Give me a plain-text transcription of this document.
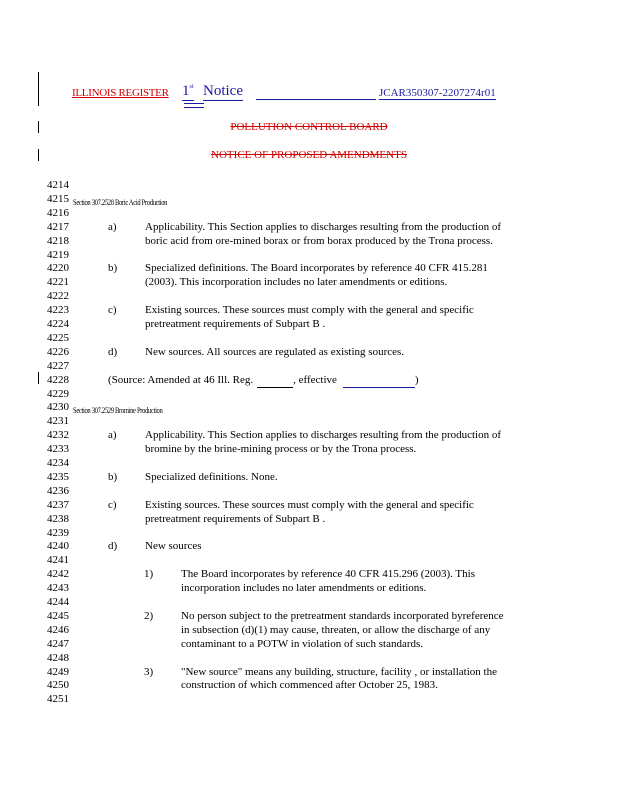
ILLINOIS REGISTER 1st Notice	JCAR350307-2207274r01
POLLUTION CONTROL BOARD
NOTICE OF PROPOSED AMENDMENTS
4214
4215 Section 307.2528 Boric Acid Production
4216
4217	a)	Applicability. This Section applies to discharges resulting from the production of
4218	boric acid from ore-mined borax or from borax produced by the Trona process.
4219
4220	b)	Specialized definitions. The Board incorporates by reference 40 CFR 415.281
4221	(2003). This incorporation includes no later amendments or editions.
4222
4223	c)	Existing sources. These sources must comply with the general and specific
4224	pretreatment requirements of Subpart B .
4225
4226	d)	New sources. All sources are regulated as existing sources.
4227
4228	(Source: Amended at 46 Ill. Reg.	, effective	)
4229
4230 Section 307.2529 Bromine Production
4231
4232	a)	Applicability. This Section applies to discharges resulting from the production of
4233	bromine by the brine-mining process or by the Trona process.
4234
4235	b)	Specialized definitions. None.
4236
4237	c)	Existing sources. These sources must comply with the general and specific
4238	pretreatment requirements of Subpart B .
4239
4240	d)	New sources
4241
4242	1)	The Board incorporates by reference 40 CFR 415.296 (2003). This
4243	incorporation includes no later amendments or editions.
4244
4245	2)	No person subject to the pretreatment standards incorporated byreference
4246	in subsection (d)(1) may cause, threaten, or allow the discharge of any
4247	contaminant to a POTW in violation of such standards.
4248
4249	3)	"New source" means any building, structure, facility , or installation the
4250	construction of which commenced after October 25, 1983.
4251
